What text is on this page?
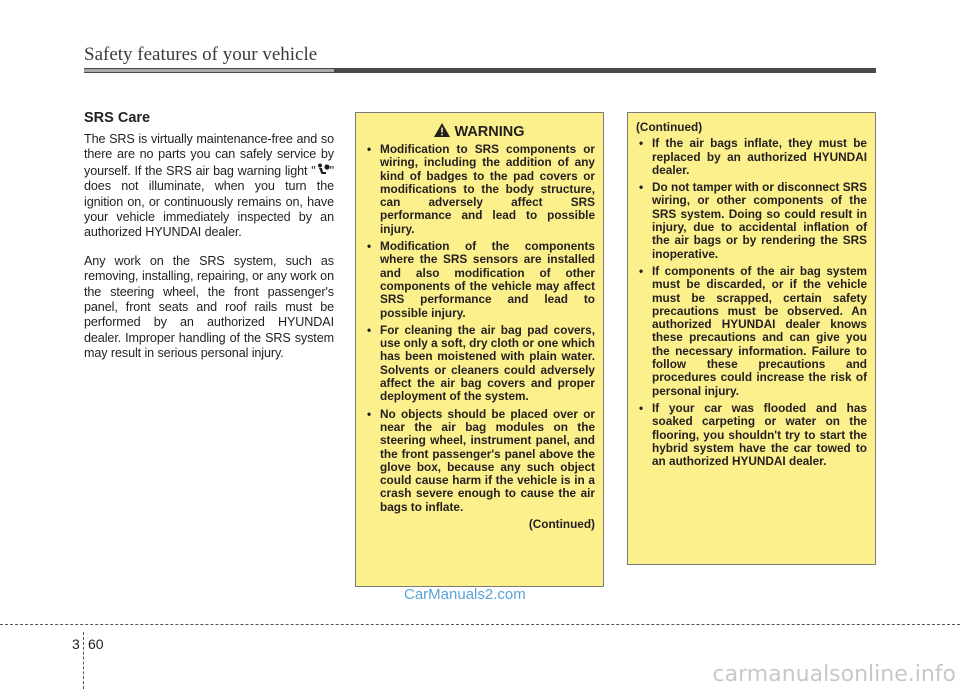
Safety features of your vehicle
SRS Care

The SRS is virtually maintenance-free and so there are no parts you can safely service by yourself. If the SRS air bag warning light " " does not illuminate, when you turn the ignition on, or continuously remains on, have your vehicle immediately inspected by an authorized HYUNDAI dealer.

Any work on the SRS system, such as removing, installing, repairing, or any work on the steering wheel, the front passenger's panel, front seats and roof rails must be performed by an authorized HYUNDAI dealer. Improper handling of the SRS system may result in serious personal injury.

WARNING
• Modification to SRS components or wiring, including the addition of any kind of badges to the pad covers or modifications to the body structure, can adversely affect SRS performance and lead to possible injury.
• Modification of the components where the SRS sensors are installed and also modification of other components of the vehicle may affect SRS performance and lead to possible injury.
• For cleaning the air bag pad covers, use only a soft, dry cloth or one which has been moistened with plain water. Solvents or cleaners could adversely affect the air bag covers and proper deployment of the system.
• No objects should be placed over or near the air bag modules on the steering wheel, instrument panel, and the front passenger's panel above the glove box, because any such object could cause harm if the vehicle is in a crash severe enough to cause the air bags to inflate.
(Continued)
(Continued)
• If the air bags inflate, they must be replaced by an authorized HYUNDAI dealer.
• Do not tamper with or disconnect SRS wiring, or other components of the SRS system. Doing so could result in injury, due to accidental inflation of the air bags or by rendering the SRS inoperative.
• If components of the air bag system must be discarded, or if the vehicle must be scrapped, certain safety precautions must be observed. An authorized HYUNDAI dealer knows these precautions and can give you the necessary information. Failure to follow these precautions and procedures could increase the risk of personal injury.
• If your car was flooded and has soaked carpeting or water on the flooring, you shouldn't try to start the hybrid system have the car towed to an authorized HYUNDAI dealer.
CarManuals2.com
3 60
carmanualsonline.info
